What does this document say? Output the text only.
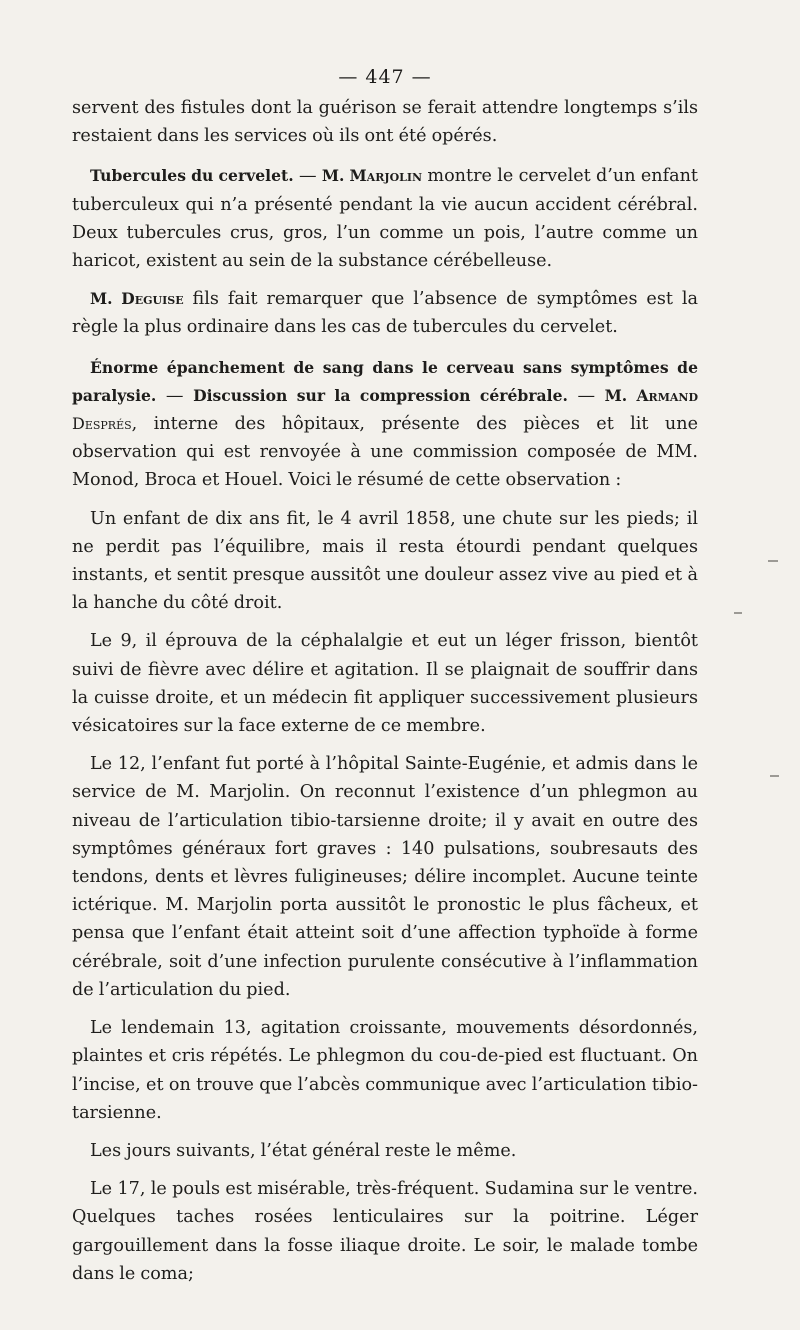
— 447 —

servent des fistules dont la guérison se ferait attendre longtemps s’ils restaient dans les services où ils ont été opérés.

Tubercules du cervelet. — M. Marjolin montre le cervelet d’un enfant tuberculeux qui n’a présenté pendant la vie aucun accident cérébral. Deux tubercules crus, gros, l’un comme un pois, l’autre comme un haricot, existent au sein de la substance cérébelleuse.

M. Deguise fils fait remarquer que l’absence de symptômes est la règle la plus ordinaire dans les cas de tubercules du cervelet.

Énorme épanchement de sang dans le cerveau sans symptômes de paralysie. — Discussion sur la compression cérébrale. — M. Armand Després, interne des hôpitaux, présente des pièces et lit une observation qui est renvoyée à une commission composée de MM. Monod, Broca et Houel. Voici le résumé de cette observation :

Un enfant de dix ans fit, le 4 avril 1858, une chute sur les pieds; il ne perdit pas l’équilibre, mais il resta étourdi pendant quelques instants, et sentit presque aussitôt une douleur assez vive au pied et à la hanche du côté droit.

Le 9, il éprouva de la céphalalgie et eut un léger frisson, bientôt suivi de fièvre avec délire et agitation. Il se plaignait de souffrir dans la cuisse droite, et un médecin fit appliquer successivement plusieurs vésicatoires sur la face externe de ce membre.

Le 12, l’enfant fut porté à l’hôpital Sainte-Eugénie, et admis dans le service de M. Marjolin. On reconnut l’existence d’un phlegmon au niveau de l’articulation tibio-tarsienne droite; il y avait en outre des symptômes généraux fort graves : 140 pulsations, soubresauts des tendons, dents et lèvres fuligineuses; délire incomplet. Aucune teinte ictérique. M. Marjolin porta aussitôt le pronostic le plus fâcheux, et pensa que l’enfant était atteint soit d’une affection typhoïde à forme cérébrale, soit d’une infection purulente consécutive à l’inflammation de l’articulation du pied.

Le lendemain 13, agitation croissante, mouvements désordonnés, plaintes et cris répétés. Le phlegmon du cou-de-pied est fluctuant. On l’incise, et on trouve que l’abcès communique avec l’articulation tibio-tarsienne.

Les jours suivants, l’état général reste le même.

Le 17, le pouls est misérable, très-fréquent. Sudamina sur le ventre. Quelques taches rosées lenticulaires sur la poitrine. Léger gargouillement dans la fosse iliaque droite. Le soir, le malade tombe dans le coma;
